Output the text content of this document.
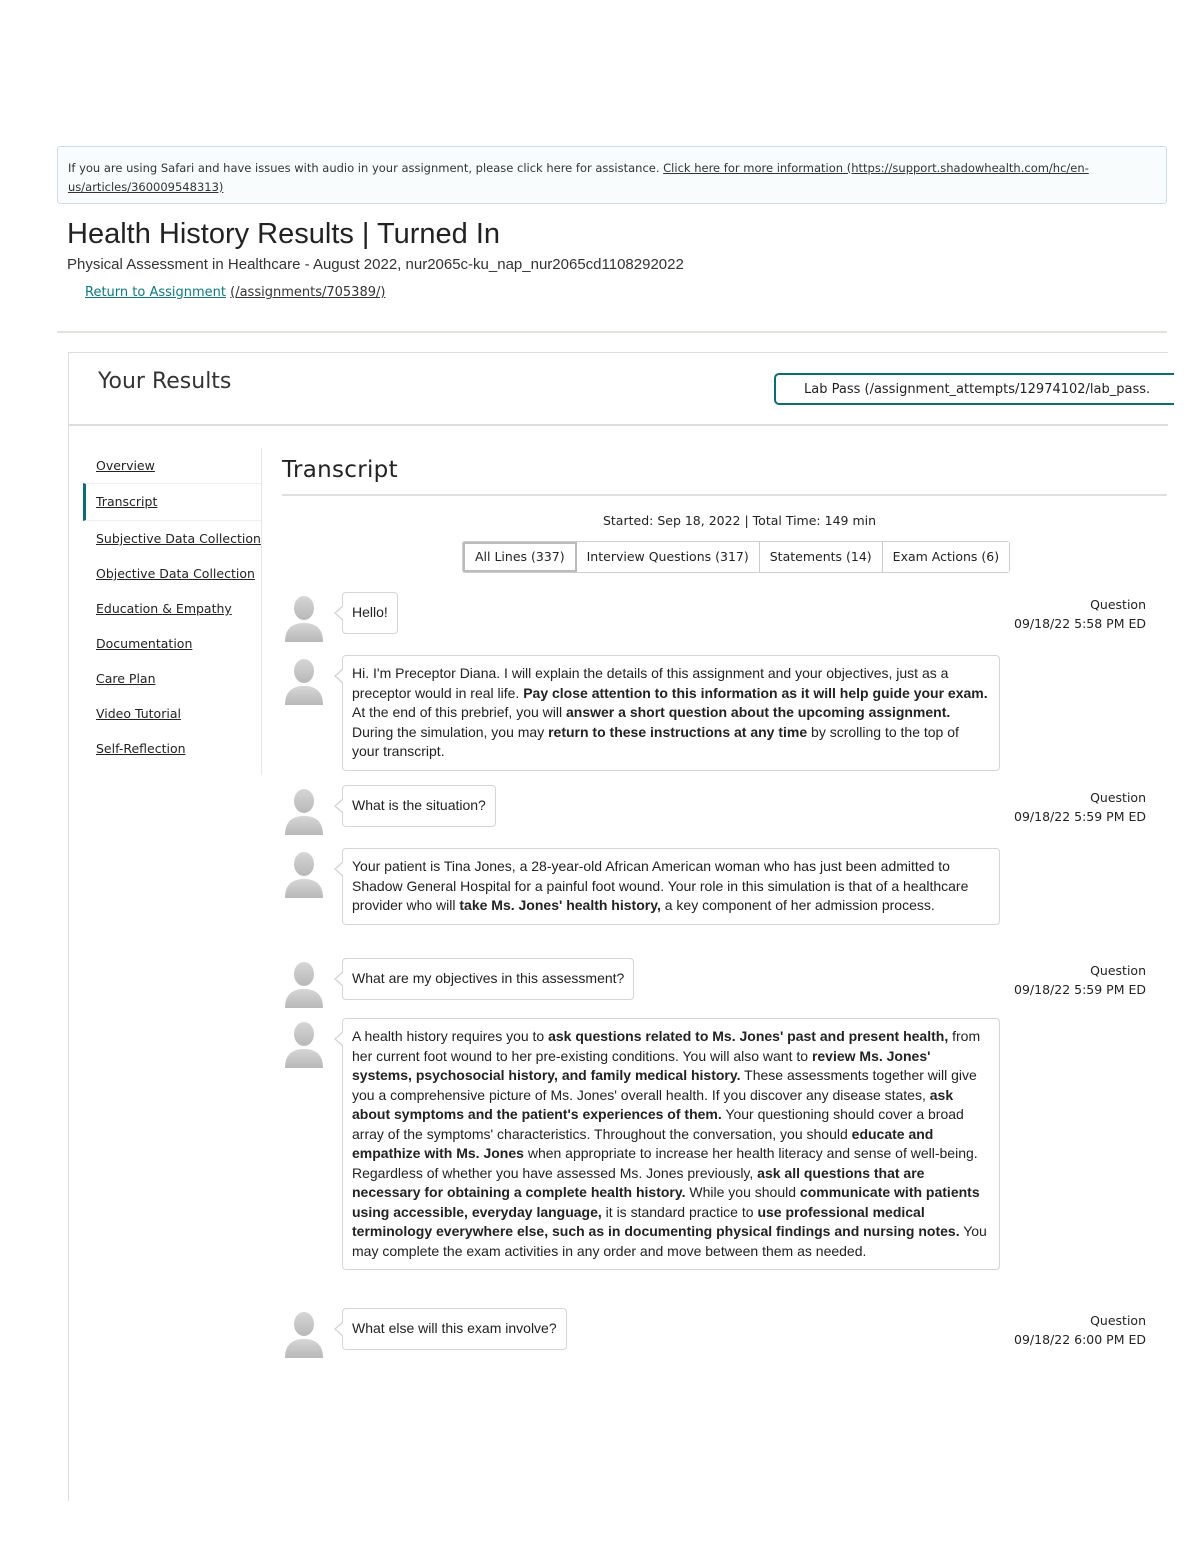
If you are using Safari and have issues with audio in your assignment, please click here for assistance. Click here for more information (https://support.shadowhealth.com/hc/en-us/articles/360009548313)
Health History Results | Turned In
Physical Assessment in Healthcare - August 2022, nur2065c-ku_nap_nur2065cd1108292022
Return to Assignment (/assignments/705389/)
Your Results	Lab Pass (/assignment_attempts/12974102/lab_pass.
Overview
Transcript
Subjective Data Collection
Objective Data Collection
Education & Empathy
Documentation
Care Plan
Video Tutorial
Self-Reflection
Transcript
Started: Sep 18, 2022 | Total Time: 149 min
All Lines (337)	Interview Questions (317)	Statements (14)	Exam Actions (6)
Hello!	Question
09/18/22 5:58 PM ED
Hi. I'm Preceptor Diana. I will explain the details of this assignment and your objectives, just as a preceptor would in real life. Pay close attention to this information as it will help guide your exam. At the end of this prebrief, you will answer a short question about the upcoming assignment. During the simulation, you may return to these instructions at any time by scrolling to the top of your transcript.
What is the situation?	Question
09/18/22 5:59 PM ED
Your patient is Tina Jones, a 28-year-old African American woman who has just been admitted to Shadow General Hospital for a painful foot wound. Your role in this simulation is that of a healthcare provider who will take Ms. Jones' health history, a key component of her admission process.
What are my objectives in this assessment?	Question
09/18/22 5:59 PM ED
A health history requires you to ask questions related to Ms. Jones' past and present health, from her current foot wound to her pre-existing conditions. You will also want to review Ms. Jones' systems, psychosocial history, and family medical history. These assessments together will give you a comprehensive picture of Ms. Jones' overall health. If you discover any disease states, ask about symptoms and the patient's experiences of them. Your questioning should cover a broad array of the symptoms' characteristics. Throughout the conversation, you should educate and empathize with Ms. Jones when appropriate to increase her health literacy and sense of well-being. Regardless of whether you have assessed Ms. Jones previously, ask all questions that are necessary for obtaining a complete health history. While you should communicate with patients using accessible, everyday language, it is standard practice to use professional medical terminology everywhere else, such as in documenting physical findings and nursing notes. You may complete the exam activities in any order and move between them as needed.
What else will this exam involve?	Question
09/18/22 6:00 PM ED
